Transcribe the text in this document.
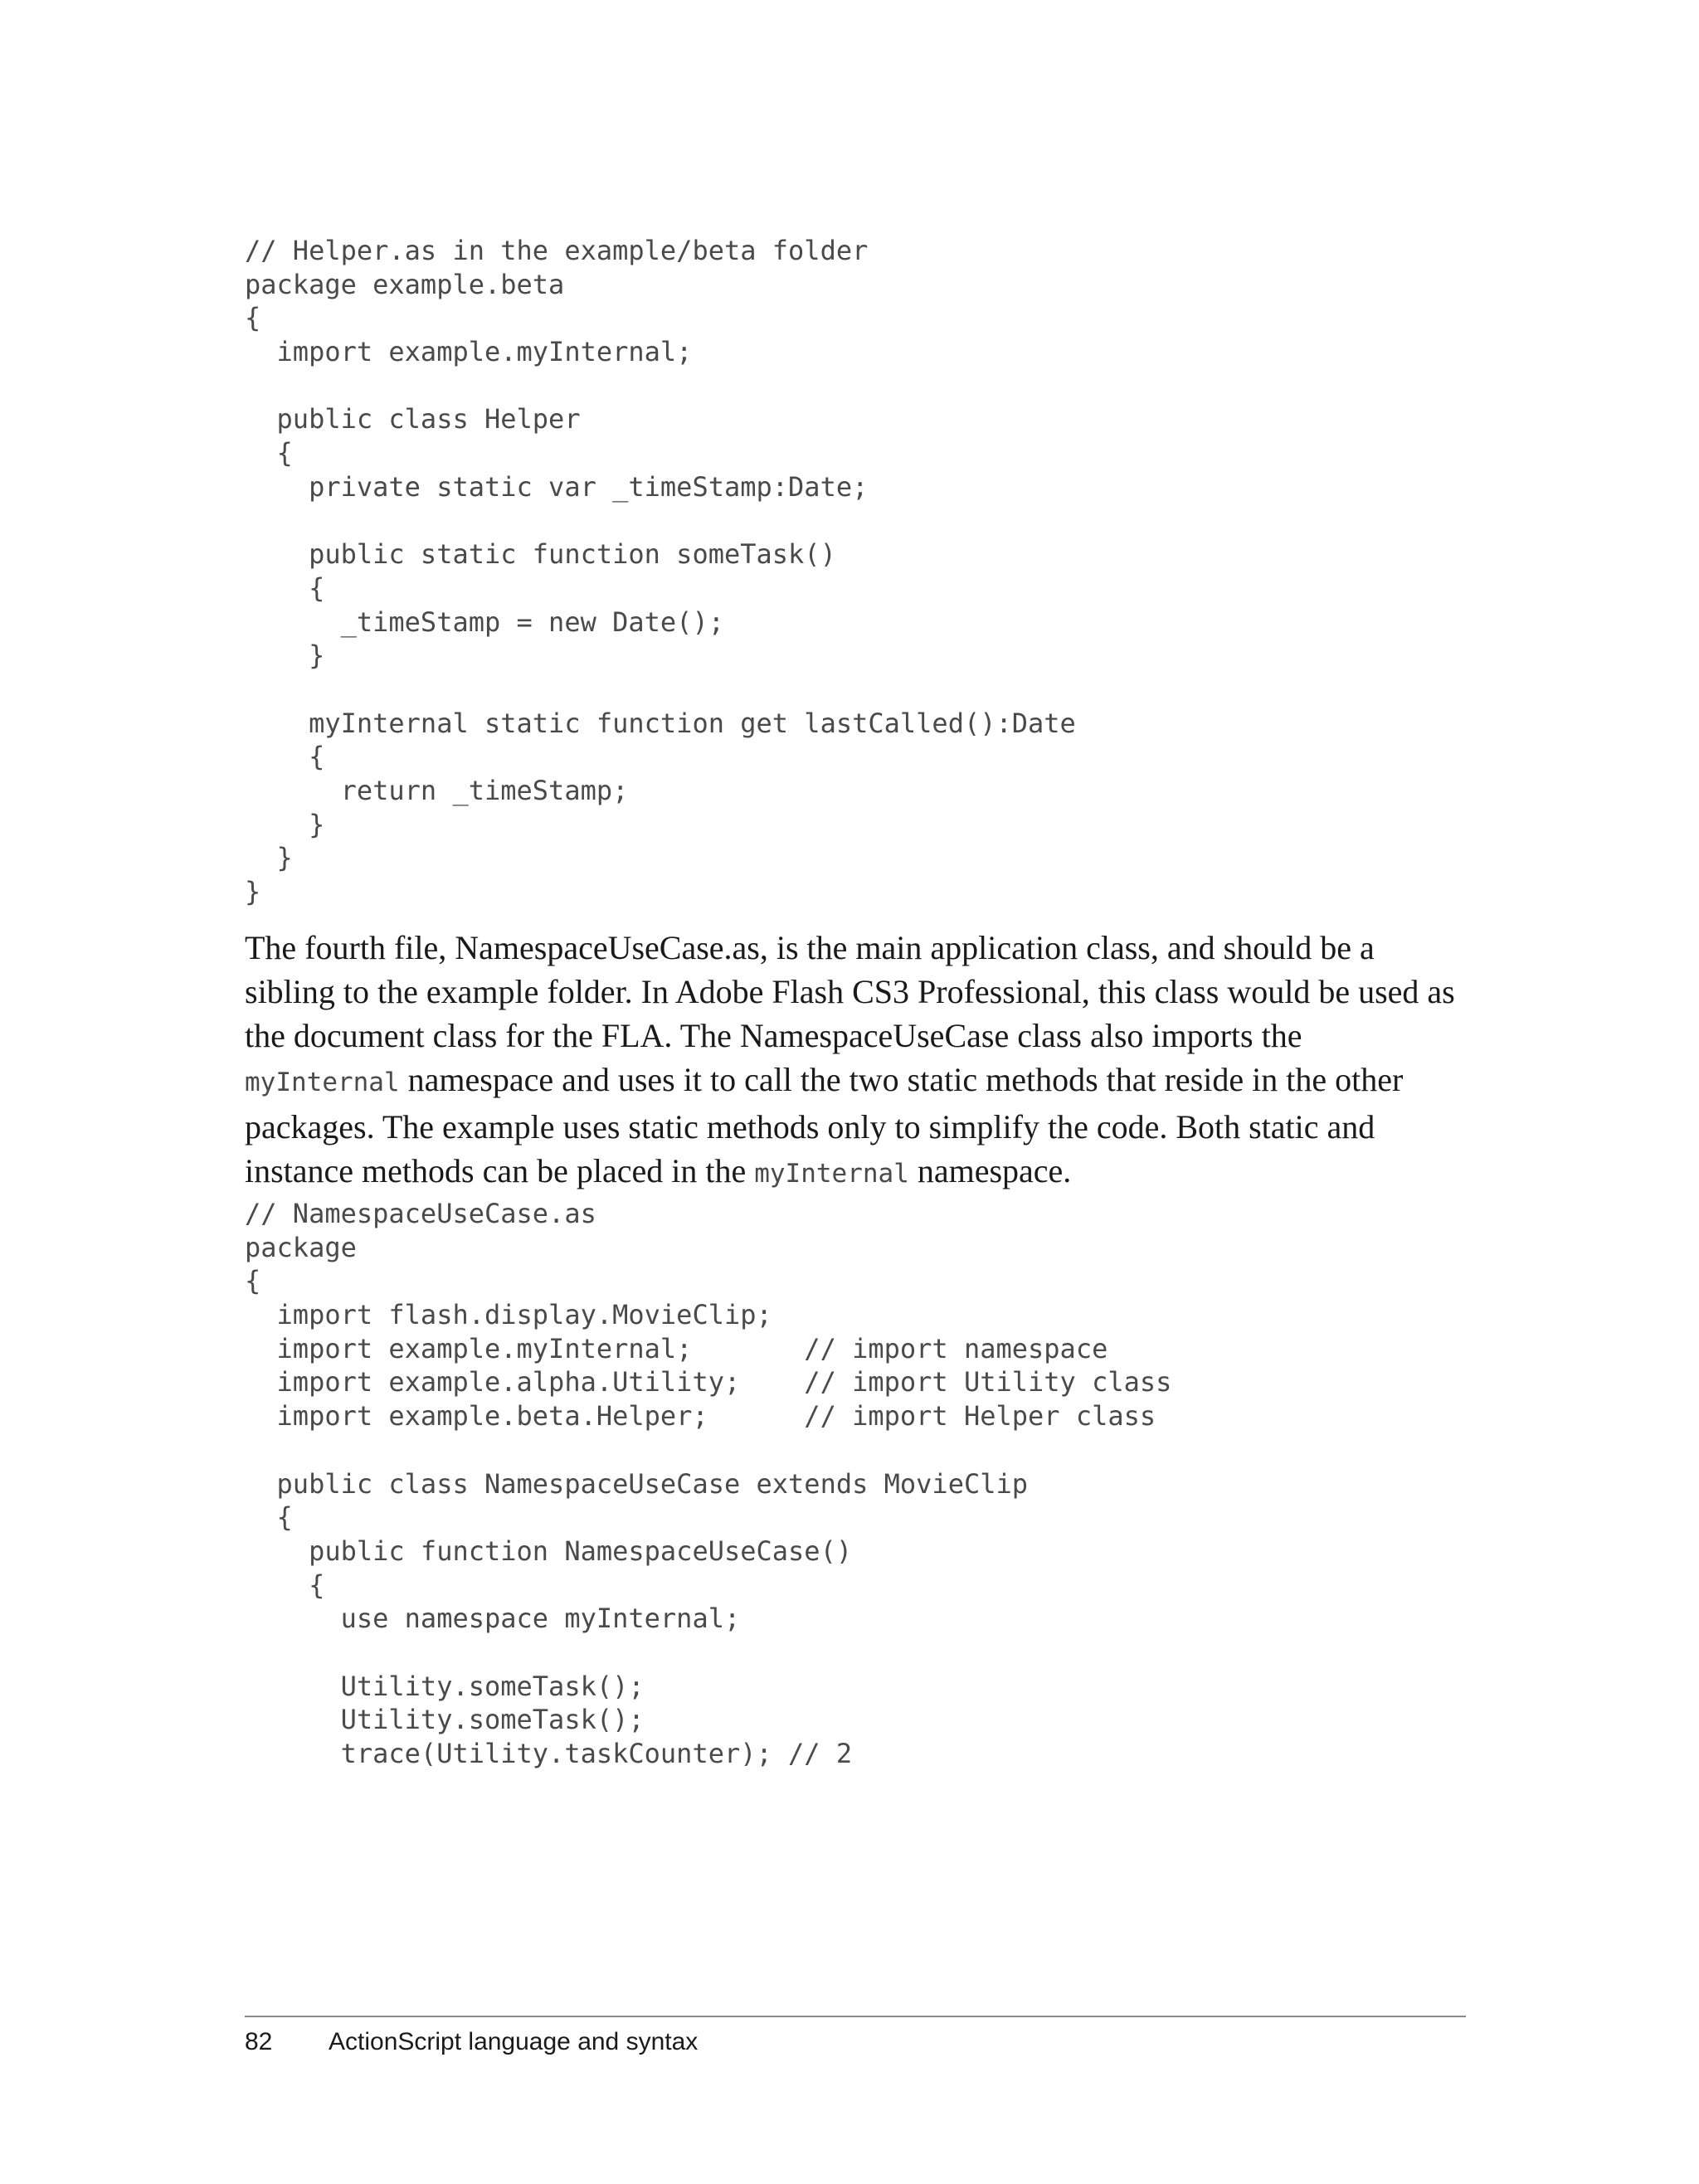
// Helper.as in the example/beta folder
package example.beta
{
import example.myInternal;
public class Helper
{
private static var _timeStamp:Date;
public static function someTask()
{
_timeStamp = new Date();
}
myInternal static function get lastCalled():Date
{
return _timeStamp;
}
}
}

The fourth file, NamespaceUseCase.as, is the main application class, and should be a sibling to the example folder. In Adobe Flash CS3 Professional, this class would be used as the document class for the FLA. The NamespaceUseCase class also imports the myInternal namespace and uses it to call the two static methods that reside in the other packages. The example uses static methods only to simplify the code. Both static and instance methods can be placed in the myInternal namespace.

// NamespaceUseCase.as
package
{
import flash.display.MovieClip;
import example.myInternal;       // import namespace
import example.alpha.Utility;    // import Utility class
import example.beta.Helper;      // import Helper class
public class NamespaceUseCase extends MovieClip
{
public function NamespaceUseCase()
{
use namespace myInternal;
Utility.someTask();
Utility.someTask();
trace(Utility.taskCounter); // 2
82 ActionScript language and syntax
